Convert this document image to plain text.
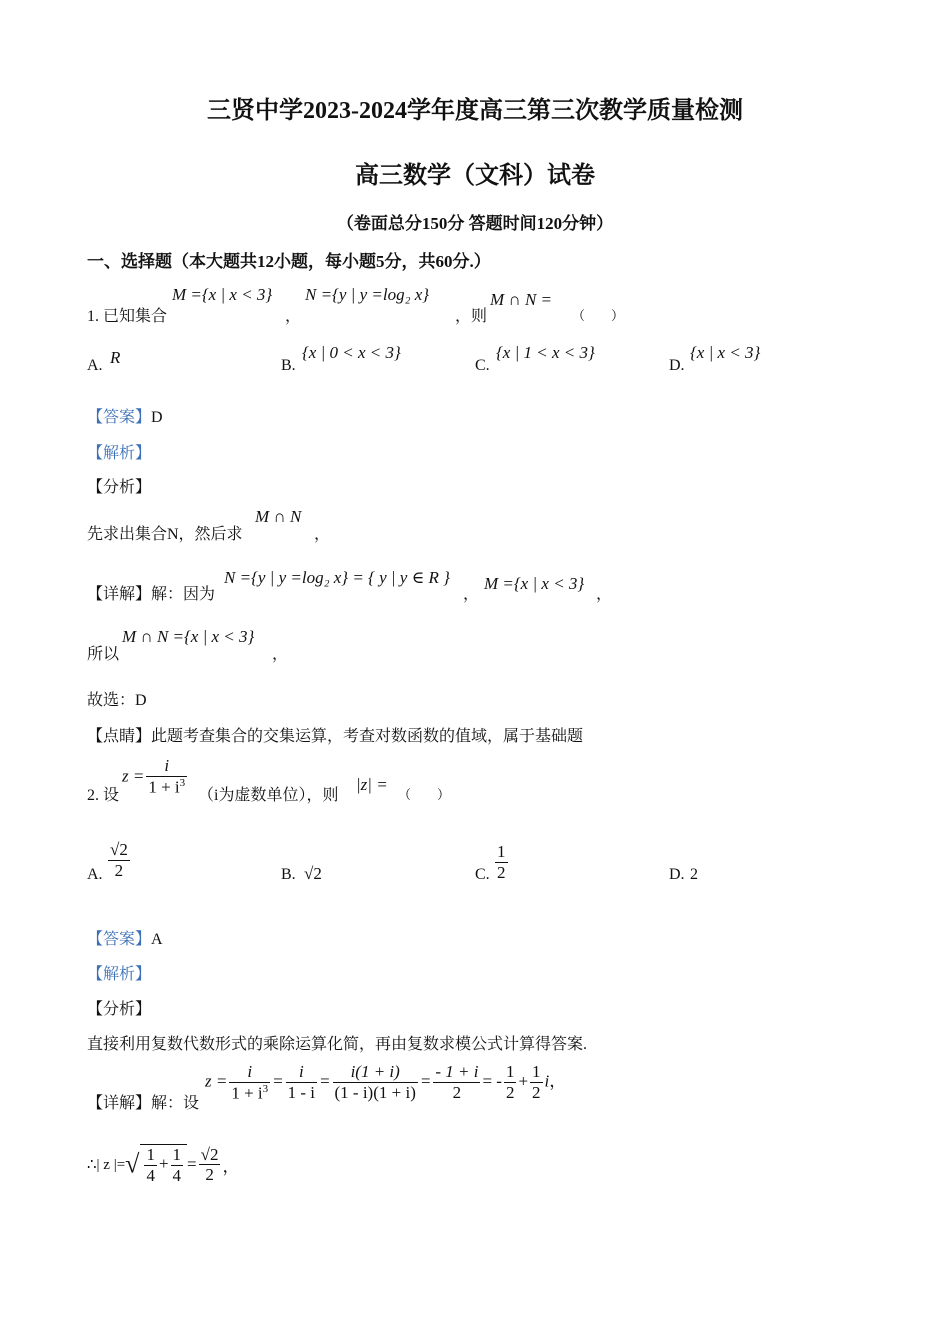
三贤中学2023-2024学年度高三第三次教学质量检测
高三数学（文科）试卷
（卷面总分150分 答题时间120分钟）
一、选择题（本大题共12小题，每小题5分，共60分.）
1. 已知集合
M ={x | x < 3}
，
N ={y | y =log₂ x}
，则
M ∩ N =
（　　）
A. R	B.
{x | 0 < x < 3}
C.
{x | 1 < x < 3}
D.
{x | x < 3}
【答案】D
【解析】
【分析】
先求出集合N，然后求
M ∩ N
，
【详解】解：因为
N ={y | y =log₂ x} = { y | y ∈ R }
，
M ={x | x < 3}
，
所以
M ∩ N ={x | x < 3}
，
故选：D
【点睛】此题考查集合的交集运算，考查对数函数的值域，属于基础题
2. 设
$z = \frac{i}{1 + i^3} (i$为虚数单位），则
|z| =
（　　）
A. $\frac{√2}{2}$	B. √2	C. $\frac{1}{2}$	D. 2
【答案】A
【解析】
【分析】
直接利用复数代数形式的乘除运算化简，再由复数求模公式计算得答案.
【详解】解：设
$z = \frac{i}{1 + i^3} = \frac{i}{1 - i} = \frac{i(1 + i)}{(1 - i)(1 + i)} = \frac{- 1 + i}{2}$ = - $\frac{1}{2} + \frac{1}{2}$ i，
∴| z |=√ $\frac{1}{4} + \frac{1}{4} = \frac{√2}{2}$ ，
